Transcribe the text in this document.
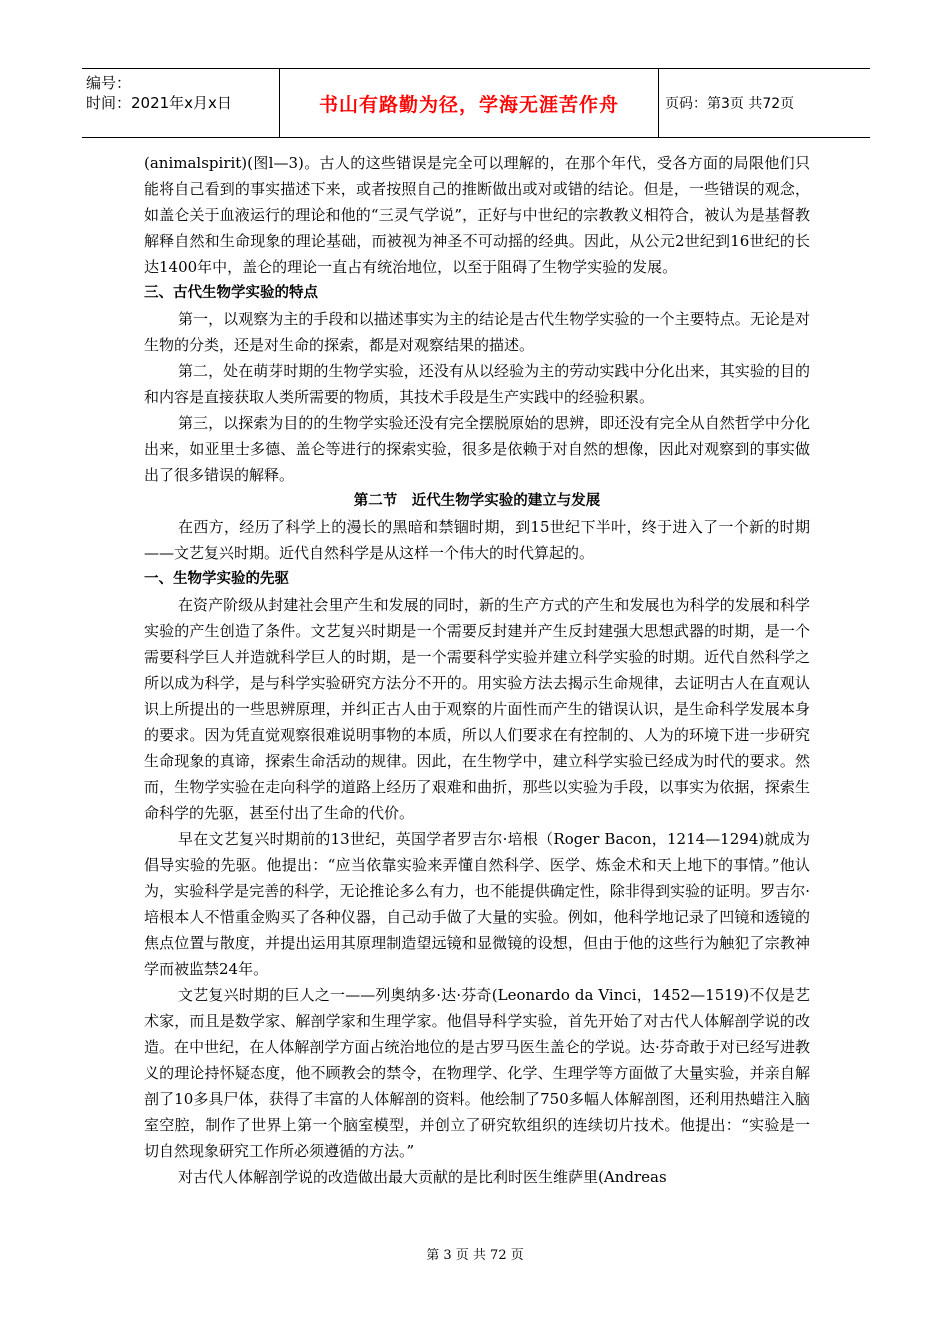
编号：
时间：2021年x月x日	书山有路勤为径，学海无涯苦作舟	页码：第3页 共72页

(animalspirit)(图l—3)。古人的这些错误是完全可以理解的，在那个年代，受各方面的局限他们只能将自己看到的事实描述下来，或者按照自己的推断做出或对或错的结论。但是，一些错误的观念，如盖仑关于血液运行的理论和他的“三灵气学说”，正好与中世纪的宗教教义相符合，被认为是基督教解释自然和生命现象的理论基础，而被视为神圣不可动摇的经典。因此，从公元2世纪到16世纪的长达1400年中，盖仑的理论一直占有统治地位，以至于阻碍了生物学实验的发展。

三、古代生物学实验的特点

第一，以观察为主的手段和以描述事实为主的结论是古代生物学实验的一个主要特点。无论是对生物的分类，还是对生命的探索，都是对观察结果的描述。

第二，处在萌芽时期的生物学实验，还没有从以经验为主的劳动实践中分化出来，其实验的目的和内容是直接获取人类所需要的物质，其技术手段是生产实践中的经验积累。

第三，以探索为目的的生物学实验还没有完全摆脱原始的思辨，即还没有完全从自然哲学中分化出来，如亚里士多德、盖仑等进行的探索实验，很多是依赖于对自然的想像，因此对观察到的事实做出了很多错误的解释。

第二节　近代生物学实验的建立与发展

在西方，经历了科学上的漫长的黑暗和禁锢时期，到15世纪下半叶，终于进入了一个新的时期——文艺复兴时期。近代自然科学是从这样一个伟大的时代算起的。

一、生物学实验的先驱

在资产阶级从封建社会里产生和发展的同时，新的生产方式的产生和发展也为科学的发展和科学实验的产生创造了条件。文艺复兴时期是一个需要反封建并产生反封建强大思想武器的时期，是一个需要科学巨人并造就科学巨人的时期，是一个需要科学实验并建立科学实验的时期。近代自然科学之所以成为科学，是与科学实验研究方法分不开的。用实验方法去揭示生命规律，去证明古人在直观认识上所提出的一些思辨原理，并纠正古人由于观察的片面性而产生的错误认识，是生命科学发展本身的要求。因为凭直觉观察很难说明事物的本质，所以人们要求在有控制的、人为的环境下进一步研究生命现象的真谛，探索生命活动的规律。因此，在生物学中，建立科学实验已经成为时代的要求。然而，生物学实验在走向科学的道路上经历了艰难和曲折，那些以实验为手段，以事实为依据，探索生命科学的先驱，甚至付出了生命的代价。

早在文艺复兴时期前的13世纪，英国学者罗吉尔·培根（Roger Bacon，1214—1294)就成为倡导实验的先驱。他提出：“应当依靠实验来弄懂自然科学、医学、炼金术和天上地下的事情。”他认为，实验科学是完善的科学，无论推论多么有力，也不能提供确定性，除非得到实验的证明。罗吉尔·培根本人不惜重金购买了各种仪器，自己动手做了大量的实验。例如，他科学地记录了凹镜和透镜的焦点位置与散度，并提出运用其原理制造望远镜和显微镜的设想，但由于他的这些行为触犯了宗教神学而被监禁24年。

文艺复兴时期的巨人之一——列奥纳多·达·芬奇(Leonardo da Vinci，1452—1519)不仅是艺术家，而且是数学家、解剖学家和生理学家。他倡导科学实验，首先开始了对古代人体解剖学说的改造。在中世纪，在人体解剖学方面占统治地位的是古罗马医生盖仑的学说。达·芬奇敢于对已经写进教义的理论持怀疑态度，他不顾教会的禁令，在物理学、化学、生理学等方面做了大量实验，并亲自解剖了10多具尸体，获得了丰富的人体解剖的资料。他绘制了750多幅人体解剖图，还利用热蜡注入脑室空腔，制作了世界上第一个脑室模型，并创立了研究软组织的连续切片技术。他提出：“实验是一切自然现象研究工作所必须遵循的方法。”

对古代人体解剖学说的改造做出最大贡献的是比利时医生维萨里(Andreas

第 3 页 共 72 页
